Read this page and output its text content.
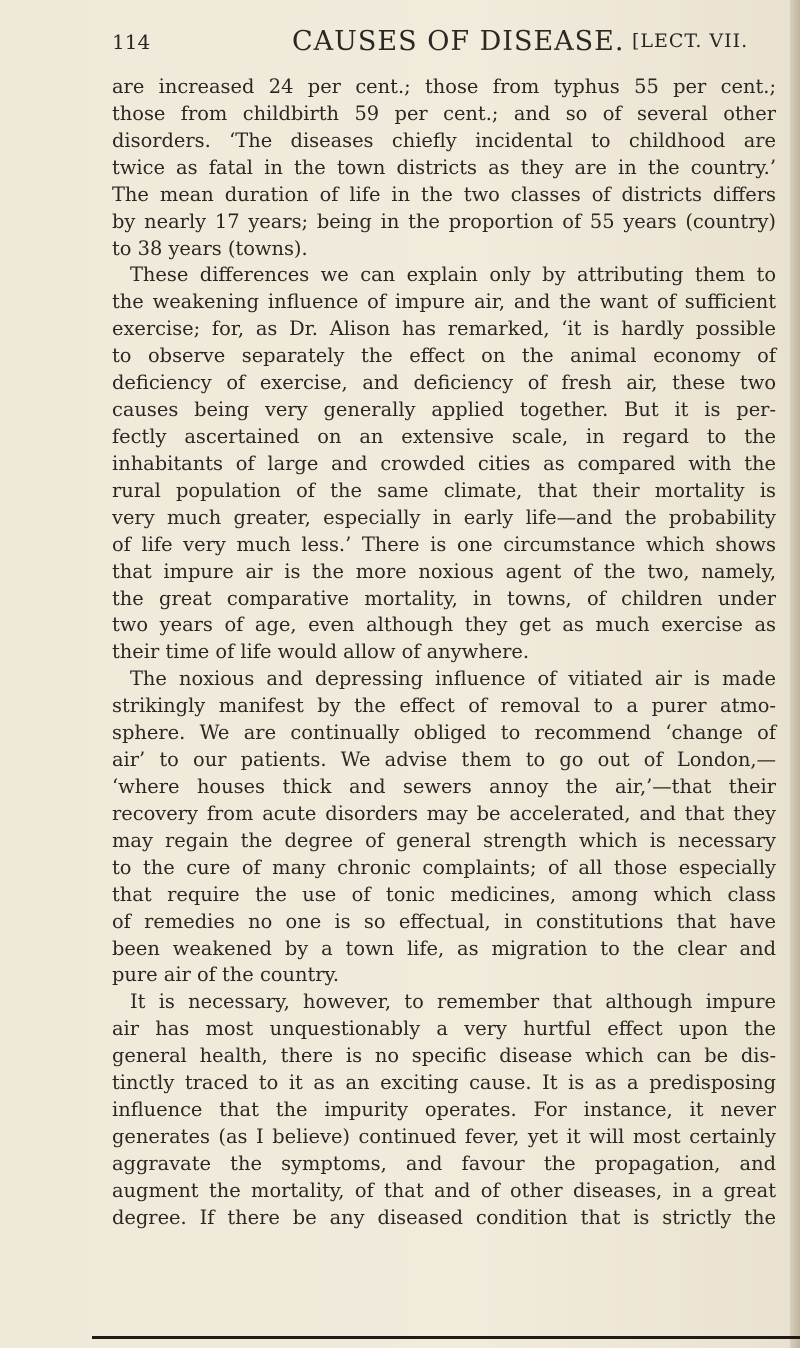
114	CAUSES OF DISEASE. [LECT. VII.
are increased 24 per cent.; those from typhus 55 per cent.;
those from childbirth 59 per cent.; and so of several other
disorders. ‘The diseases chiefly incidental to childhood are
twice as fatal in the town districts as they are in the country.’
The mean duration of life in the two classes of districts differs
by nearly 17 years; being in the proportion of 55 years (country)
to 38 years (towns).
These differences we can explain only by attributing them to
the weakening influence of impure air, and the want of sufficient
exercise; for, as Dr. Alison has remarked, ‘it is hardly possible
to observe separately the effect on the animal economy of
deficiency of exercise, and deficiency of fresh air, these two
causes being very generally applied together. But it is per-
fectly ascertained on an extensive scale, in regard to the
inhabitants of large and crowded cities as compared with the
rural population of the same climate, that their mortality is
very much greater, especially in early life—and the probability
of life very much less.’ There is one circumstance which shows
that impure air is the more noxious agent of the two, namely,
the great comparative mortality, in towns, of children under
two years of age, even although they get as much exercise as
their time of life would allow of anywhere.
The noxious and depressing influence of vitiated air is made
strikingly manifest by the effect of removal to a purer atmo-
sphere. We are continually obliged to recommend ‘change of
air’ to our patients. We advise them to go out of London,—
‘where houses thick and sewers annoy the air,’—that their
recovery from acute disorders may be accelerated, and that they
may regain the degree of general strength which is necessary
to the cure of many chronic complaints; of all those especially
that require the use of tonic medicines, among which class
of remedies no one is so effectual, in constitutions that have
been weakened by a town life, as migration to the clear and
pure air of the country.
It is necessary, however, to remember that although impure
air has most unquestionably a very hurtful effect upon the
general health, there is no specific disease which can be dis-
tinctly traced to it as an exciting cause. It is as a predisposing
influence that the impurity operates. For instance, it never
generates (as I believe) continued fever, yet it will most certainly
aggravate the symptoms, and favour the propagation, and
augment the mortality, of that and of other diseases, in a great
degree. If there be any diseased condition that is strictly the
